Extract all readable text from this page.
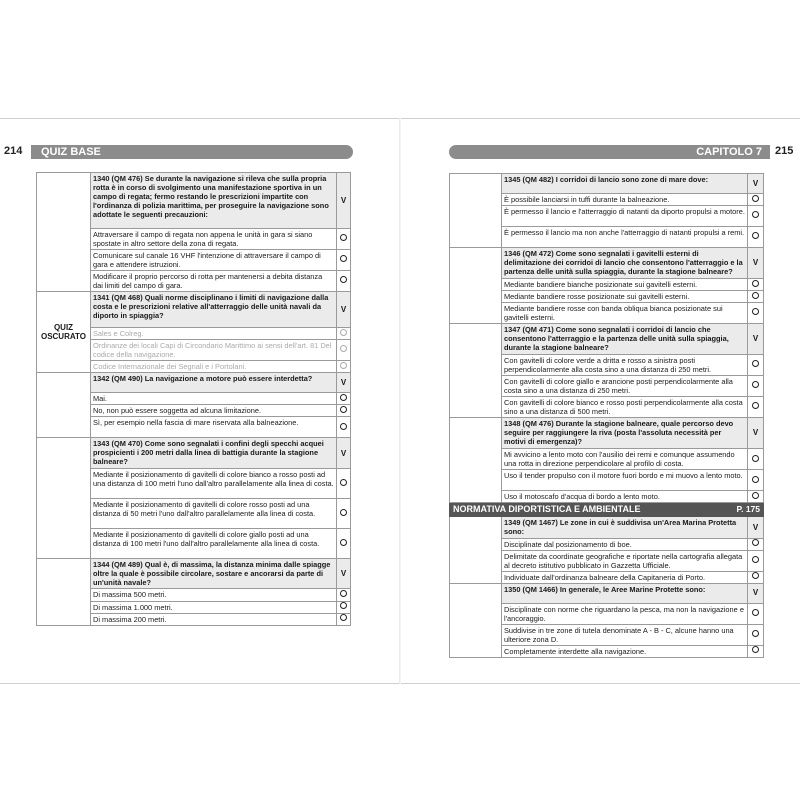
214	QUIZ BASE	CAPITOLO 7	215
	1340 (QM 476) Se durante la navigazione si rileva che sulla propria rotta è in corso di svolgimento una manifestazione sportiva in un campo di regata; fermo restando le prescrizioni impartite con l'ordinanza di polizia marittima, per proseguire la navigazione sono adottate le seguenti precauzioni:	V
	Attraversare il campo di regata non appena le unità in gara si siano spostate in altro settore della zona di regata.	
	Comunicare sul canale 16 VHF l'intenzione di attraversare il campo di gara e attendere istruzioni.	
	Modificare il proprio percorso di rotta per mantenersi a debita distanza dai limiti del campo di gara.	
QUIZ OSCURATO	1341 (QM 468) Quali norme disciplinano i limiti di navigazione dalla costa e le prescrizioni relative all'atterraggio delle unità navali da diporto in spiaggia?	V
	Sales e Colreg.	
	Ordinanze dei locali Capi di Circondario Marittimo ai sensi dell'art. 81 Del codice della navigazione.	
	Codice Internazionale dei Segnali e i Portolani.	
	1342 (QM 490) La navigazione a motore può essere interdetta?	V
	Mai.	
	No, non può essere soggetta ad alcuna limitazione.	
	Sì, per esempio nella fascia di mare riservata alla balneazione.	
	1343 (QM 470) Come sono segnalati i confini degli specchi acquei prospicienti i 200 metri dalla linea di battigia durante la stagione balneare?	V
	Mediante il posizionamento di gavitelli di colore bianco a rosso posti ad una distanza di 100 metri l'uno dall'altro parallelamente alla linea di costa.	
	Mediante il posizionamento di gavitelli di colore rosso posti ad una distanza di 50 metri l'uno dall'altro parallelamente alla linea di costa.	
	Mediante il posizionamento di gavitelli di colore giallo posti ad una distanza di 100 metri l'uno dall'altro parallelamente alla linea di costa.	
	1344 (QM 489) Qual è, di massima, la distanza minima dalle spiagge oltre la quale è possibile circolare, sostare e ancorarsi da parte di un'unità navale?	V
	Di massima 500 metri.	
	Di massima 1.000 metri.	
	Di massima 200 metri.	
	1345 (QM 482) I corridoi di lancio sono zone di mare dove:	V
	È possibile lanciarsi in tuffi durante la balneazione.	
	È permesso il lancio e l'atterraggio di natanti da diporto propulsi a motore.	
	È permesso il lancio ma non anche l'atterraggio di natanti propulsi a remi.	
	1346 (QM 472) Come sono segnalati i gavitelli esterni di delimitazione dei corridoi di lancio che consentono l'atterraggio e la partenza delle unità sulla spiaggia, durante la stagione balneare?	V
	Mediante bandiere bianche posizionate sui gavitelli esterni.	
	Mediante bandiere rosse posizionate sui gavitelli esterni.	
	Mediante bandiere rosse con banda obliqua bianca posizionate sui gavitelli esterni.	
	1347 (QM 471) Come sono segnalati i corridoi di lancio che consentono l'atterraggio e la partenza delle unità sulla spiaggia, durante la stagione balneare?	V
	Con gavitelli di colore verde a dritta e rosso a sinistra posti perpendicolarmente alla costa sino a una distanza di 250 metri.	
	Con gavitelli di colore giallo e arancione posti perpendicolarmente alla costa sino a una distanza di 250 metri.	
	Con gavitelli di colore bianco e rosso posti perpendicolarmente alla costa sino a una distanza di 500 metri.	
	1348 (QM 476) Durante la stagione balneare, quale percorso devo seguire per raggiungere la riva (posta l'assoluta necessità per motivi di emergenza)?	V
	Mi avvicino a lento moto con l'ausilio dei remi e comunque assumendo una rotta in direzione perpendicolare al profilo di costa.	
	Uso il tender propulso con il motore fuori bordo e mi muovo a lento moto.	
	Uso il motoscafo d'acqua di bordo a lento moto.	
NORMATIVA DIPORTISTICA E AMBIENTALE P. 175		

	1349 (QM 1467) Le zone in cui è suddivisa un'Area Marina Protetta sono:	V
	Disciplinate dal posizionamento di boe.	
	Delimitate da coordinate geografiche e riportate nella cartografia allegata al decreto istitutivo pubblicato in Gazzetta Ufficiale.	
	Individuate dall'ordinanza balneare della Capitaneria di Porto.	
	1350 (QM 1466) In generale, le Aree Marine Protette sono:	V
	Disciplinate con norme che riguardano la pesca, ma non la navigazione e l'ancoraggio.	
	Suddivise in tre zone di tutela denominate A - B - C, alcune hanno una ulteriore zona D.	
	Completamente interdette alla navigazione.	
